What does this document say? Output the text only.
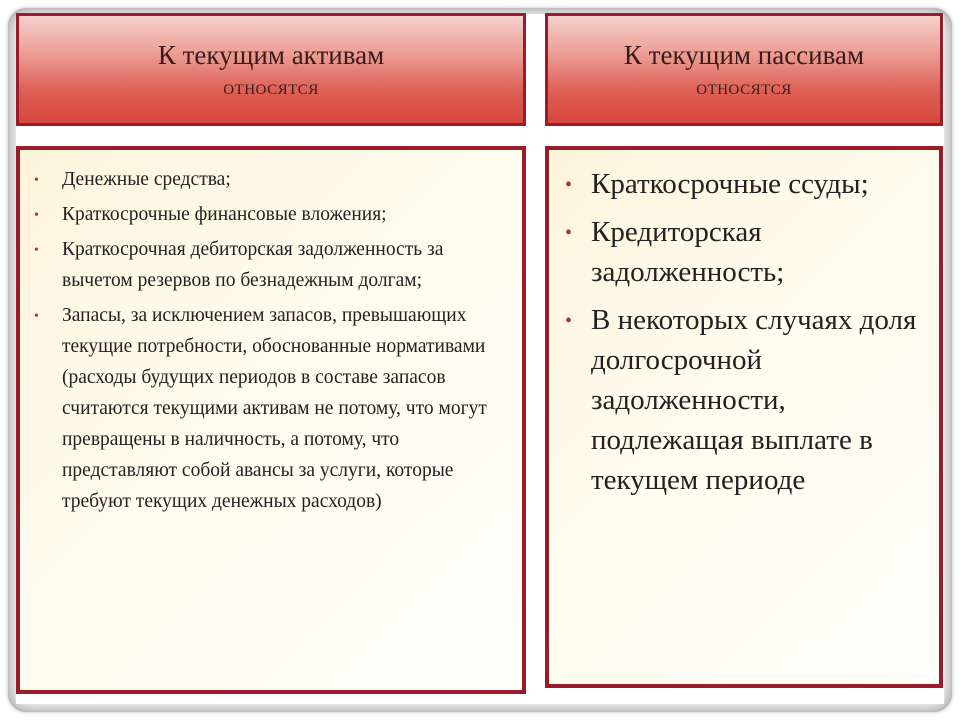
К текущим активам
относятся
К текущим пассивам
относятся
• Денежные средства;
• Краткосрочные финансовые вложения;
• Краткосрочная дебиторская задолженность за вычетом резервов по безнадежным долгам;
• Запасы, за исключением запасов, превышающих текущие потребности, обоснованные нормативами (расходы будущих периодов в составе запасов считаются текущими активам не потому, что могут превращены в наличность, а потому, что представляют собой авансы за услуги, которые требуют текущих денежных расходов)
• Краткосрочные ссуды;
• Кредиторская задолженность;
• В некоторых случаях доля долгосрочной задолженности, подлежащая выплате в текущем периоде
